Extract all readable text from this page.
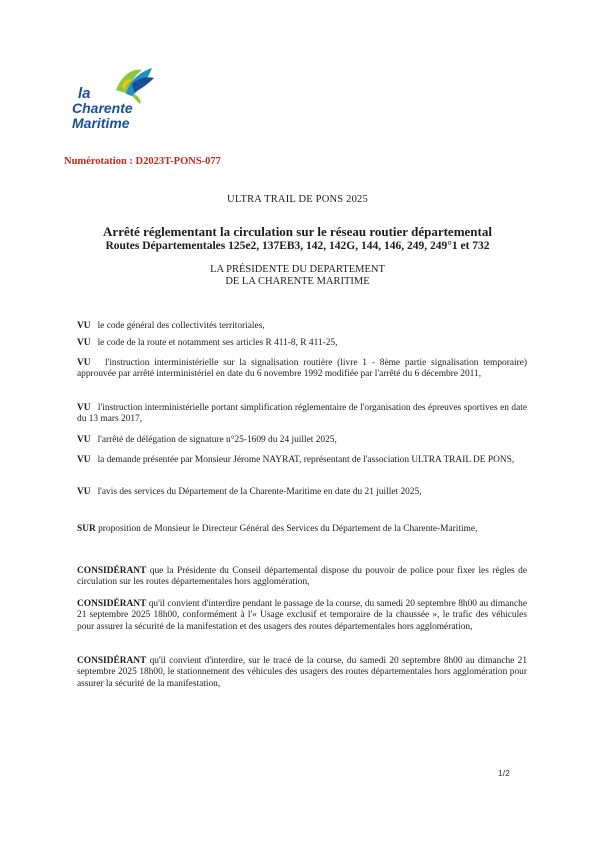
la
Charente
Maritime
Numérotation : D2023T-PONS-077
ULTRA TRAIL DE PONS 2025
Arrêté réglementant la circulation sur le réseau routier départemental
Routes Départementales 125e2, 137EB3, 142, 142G, 144, 146, 249, 249°1 et 732
LA PRÉSIDENTE DU DEPARTEMENT
DE LA CHARENTE MARITIME

VU le code général des collectivités territoriales,

VU le code de la route et notamment ses articles R 411-8, R 411-25,

VU l'instruction interministérielle sur la signalisation routière (livre 1 - 8ème partie signalisation temporaire) approuvée par arrêté interministériel en date du 6 novembre 1992 modifiée par l'arrêté du 6 décembre 2011,

VU l'instruction interministérielle portant simplification réglementaire de l'organisation des épreuves sportives en date du 13 mars 2017,

VU l'arrêté de délégation de signature n°25-1609 du 24 juillet 2025,

VU la demande présentée par Monsieur Jérome NAYRAT, représentant de l'association ULTRA TRAIL DE PONS,

VU l'avis des services du Département de la Charente-Maritime en date du 21 juillet 2025,

SUR proposition de Monsieur le Directeur Général des Services du Département de la Charente-Maritime,

CONSIDÉRANT que la Présidente du Conseil départemental dispose du pouvoir de police pour fixer les règles de circulation sur les routes départementales hors agglomération,

CONSIDÉRANT qu'il convient d'interdire pendant le passage de la course, du samedi 20 septembre 8h00 au dimanche 21 septembre 2025 18h00, conformément à l'« Usage exclusif et temporaire de la chaussée », le trafic des véhicules pour assurer la sécurité de la manifestation et des usagers des routes départementales hors agglomération,

CONSIDÉRANT qu'il convient d'interdire, sur le tracé de la course, du samedi 20 septembre 8h00 au dimanche 21 septembre 2025 18h00, le stationnement des véhicules des usagers des routes départementales hors agglomération pour assurer la sécurité de la manifestation,

1/2
